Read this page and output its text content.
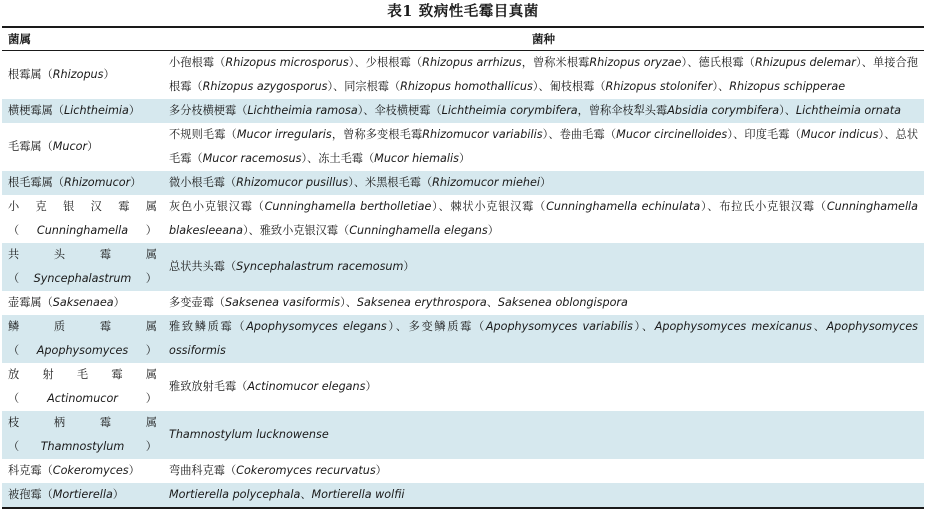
表1 致病性毛霉目真菌
菌属	菌种
根霉属（Rhizopus）	小孢根霉（Rhizopus microsporus）、少根根霉（Rhizopus arrhizus，曾称米根霉Rhizopus oryzae）、德氏根霉（Rhizupus delemar）、单接合孢根霉（Rhizopus azygosporus）、同宗根霉（Rhizopus homothallicus）、匍枝根霉（Rhizopus stolonifer）、Rhizopus schipperae
横梗霉属（Lichtheimia）	多分枝横梗霉（Lichtheimia ramosa）、伞枝横梗霉（Lichtheimia corymbifera，曾称伞枝犁头霉Absidia corymbifera）、Lichtheimia ornata
毛霉属（Mucor）	不规则毛霉（Mucor irregularis，曾称多变根毛霉Rhizomucor variabilis）、卷曲毛霉（Mucor circinelloides）、印度毛霉（Mucor indicus）、总状毛霉（Mucor racemosus）、冻土毛霉（Mucor hiemalis）
根毛霉属（Rhizomucor）	微小根毛霉（Rhizomucor pusillus）、米黑根毛霉（Rhizomucor miehei）
小 克 银 汉 霉 属（Cunninghamella）	灰色小克银汉霉（Cunninghamella bertholletiae）、棘状小克银汉霉（Cunninghamella echinulata）、布拉氏小克银汉霉（Cunninghamella blakesleeana）、雅致小克银汉霉（Cunninghamella elegans）
共 头 霉 属（Syncephalastrum）	总状共头霉（Syncephalastrum racemosum）
壶霉属（Saksenaea）	多变壶霉（Saksenea vasiformis）、Saksenea erythrospora、Saksenea oblongispora
鳞 质 霉 属（Apophysomyces）	雅致鳞质霉（Apophysomyces elegans）、多变鳞质霉（Apophysomyces variabilis）、Apophysomyces mexicanus、Apophysomyces ossiformis
放 射 毛 霉 属（Actinomucor）	雅致放射毛霉（Actinomucor elegans）
枝 柄 霉 属（Thamnostylum）	Thamnostylum lucknowense
科克霉（Cokeromyces）	弯曲科克霉（Cokeromyces recurvatus）
被孢霉（Mortierella）	Mortierella polycephala、Mortierella wolfii
